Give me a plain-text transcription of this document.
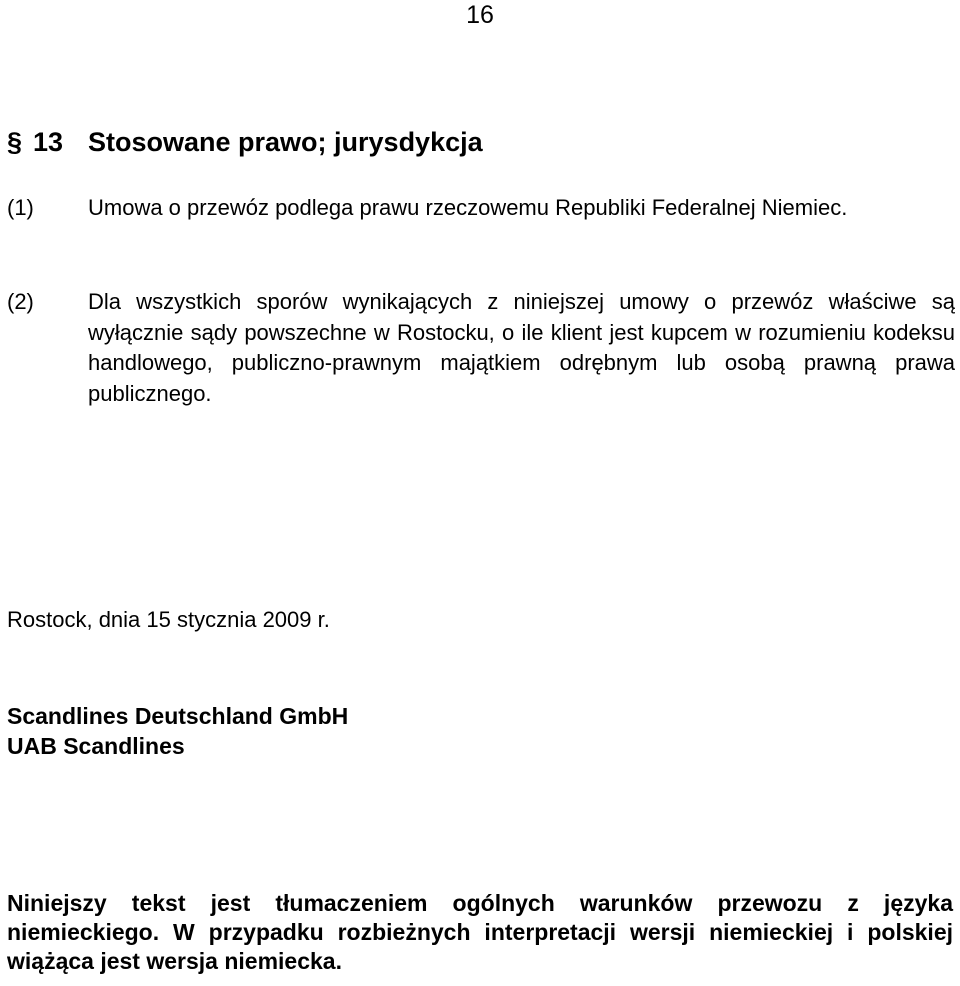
16
§ 13 Stosowane prawo; jurysdykcja
(1)	Umowa o przewóz podlega prawu rzeczowemu Republiki Federalnej Niemiec.

(2)	Dla wszystkich sporów wynikających z niniejszej umowy o przewóz właściwe są wyłącznie sądy powszechne w Rostocku, o ile klient jest kupcem w rozumieniu kodeksu handlowego, publiczno-prawnym majątkiem odrębnym lub osobą prawną prawa publicznego.

Rostock, dnia 15 stycznia 2009 r.
Scandlines Deutschland GmbH
UAB Scandlines
Niniejszy tekst jest tłumaczeniem ogólnych warunków przewozu z języka niemieckiego. W przypadku rozbieżnych interpretacji wersji niemieckiej i polskiej wiążąca jest wersja niemiecka.
